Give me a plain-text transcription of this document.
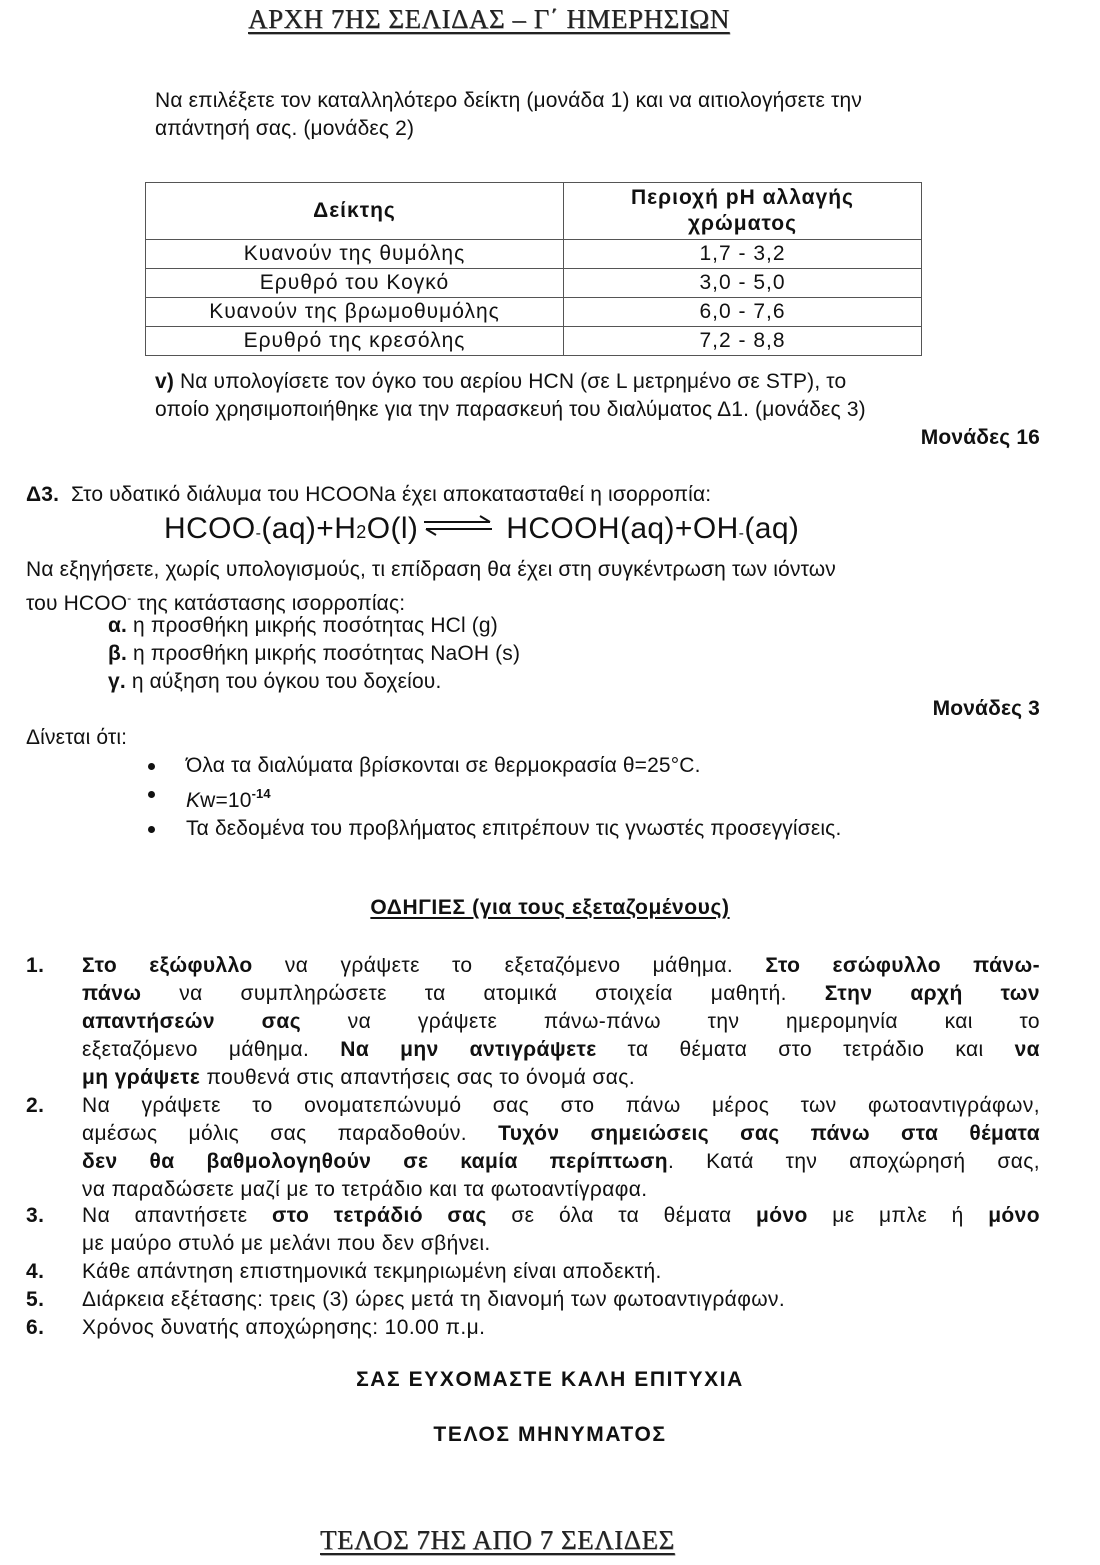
ΑΡΧΗ 7ΗΣ ΣΕΛΙΔΑΣ – Γ΄ ΗΜΕΡΗΣΙΩΝ
Να επιλέξετε τον καταλληλότερο δείκτη (μονάδα 1) και να αιτιολογήσετε την
απάντησή σας. (μονάδες 2)
Δείκτης	Περιοχή pH αλλαγής
χρώματος
Κυανούν της θυμόλης	1,7 - 3,2
Ερυθρό του Κογκό	3,0 - 5,0
Κυανούν της βρωμοθυμόλης	6,0 - 7,6
Ερυθρό της κρεσόλης	7,2 - 8,8
v) Να υπολογίσετε τον όγκο του αερίου HCN (σε L μετρημένο σε STP), το
οποίο χρησιμοποιήθηκε για την παρασκευή του διαλύματος Δ1. (μονάδες 3)
Μονάδες 16
Δ3. Στο υδατικό διάλυμα του HCOONa έχει αποκατασταθεί η ισορροπία:
HCOO - (aq)+H 2 O(l) ⇌ HCOOH(aq)+OH - (aq)
Να εξηγήσετε, χωρίς υπολογισμούς, τι επίδραση θα έχει στη συγκέντρωση των ιόντων
του HCOO- της κατάστασης ισορροπίας:
α. η προσθήκη μικρής ποσότητας HCl (g)
β. η προσθήκη μικρής ποσότητας NaOH (s)
γ. η αύξηση του όγκου του δοχείου.
Μονάδες 3
Δίνεται ότι:
Όλα τα διαλύματα βρίσκονται σε θερμοκρασία θ=25°C.
$Kw=10^{-14}$
Τα δεδομένα του προβλήματος επιτρέπουν τις γνωστές προσεγγίσεις.
ΟΔΗΓΙΕΣ (για τους εξεταζομένους)
1. Στο εξώφυλλο να γράψετε το εξεταζόμενο μάθημα. Στο εσώφυλλο πάνω-
πάνω να συμπληρώσετε τα ατομικά στοιχεία μαθητή. Στην αρχή των
απαντήσεών σας να γράψετε πάνω-πάνω την ημερομηνία και το
εξεταζόμενο μάθημα. Να μην αντιγράψετε τα θέματα στο τετράδιο και να
μη γράψετε πουθενά στις απαντήσεις σας το όνομά σας.
2. Να γράψετε το ονοματεπώνυμό σας στο πάνω μέρος των φωτοαντιγράφων,
αμέσως μόλις σας παραδοθούν. Τυχόν σημειώσεις σας πάνω στα θέματα
δεν θα βαθμολογηθούν σε καμία περίπτωση. Κατά την αποχώρησή σας,
να παραδώσετε μαζί με το τετράδιο και τα φωτοαντίγραφα.
3. Να απαντήσετε στο τετράδιό σας σε όλα τα θέματα μόνο με μπλε ή μόνο
με μαύρο στυλό με μελάνι που δεν σβήνει.
4. Κάθε απάντηση επιστημονικά τεκμηριωμένη είναι αποδεκτή.
5. Διάρκεια εξέτασης: τρεις (3) ώρες μετά τη διανομή των φωτοαντιγράφων.
6. Χρόνος δυνατής αποχώρησης: 10.00 π.μ.
ΣΑΣ ΕΥΧΟΜΑΣΤΕ ΚΑΛΗ ΕΠΙΤΥΧΙΑ
ΤΕΛΟΣ ΜΗΝΥΜΑΤΟΣ
ΤΕΛΟΣ 7ΗΣ ΑΠΟ 7 ΣΕΛΙΔΕΣ
